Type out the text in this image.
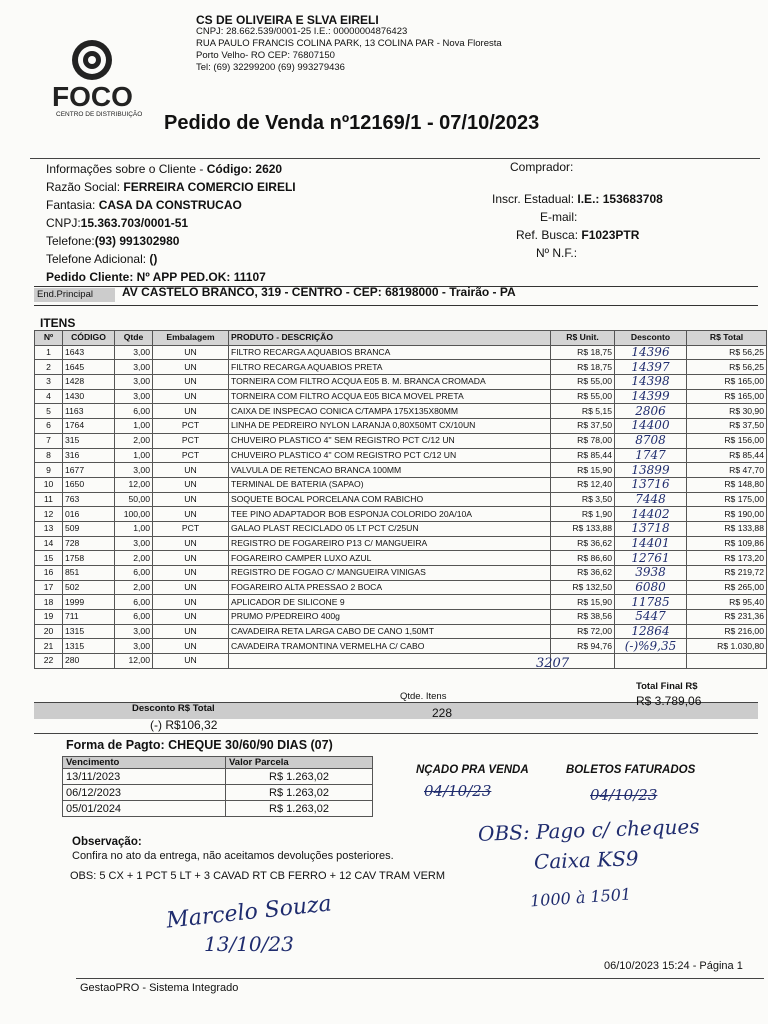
FOCO
CENTRO DE DISTRIBUIÇÃO
CS DE OLIVEIRA E SLVA EIRELI
CNPJ: 28.662.539/0001-25 I.E.: 00000004876423
RUA PAULO FRANCIS COLINA PARK, 13 COLINA PAR - Nova Floresta
Porto Velho- RO CEP: 76807150
Tel: (69) 32299200 (69) 993279436
Pedido de Venda nº12169/1 - 07/10/2023
Informações sobre o Cliente - Código: 2620
Razão Social: FERREIRA COMERCIO EIRELI
Fantasia: CASA DA CONSTRUCAO
CNPJ:15.363.703/0001-51
Telefone:(93) 991302980
Telefone Adicional: ()
Pedido Cliente: Nº APP PED.OK: 11107
Comprador:
Inscr. Estadual: I.E.: 153683708
E-mail:
Ref. Busca: F1023PTR
Nº N.F.:
End.Principal	AV CASTELO BRANCO, 319 - CENTRO - CEP: 68198000 - Trairão - PA
ITENS
Nº	CÓDIGO	Qtde	Embalagem	PRODUTO - DESCRIÇÃO	R$ Unit.	Desconto	R$ Total
1	1643	3,00	UN	FILTRO RECARGA AQUABIOS BRANCA	R$ 18,75	14396	R$ 56,25
2	1645	3,00	UN	FILTRO RECARGA AQUABIOS PRETA	R$ 18,75	14397	R$ 56,25
3	1428	3,00	UN	TORNEIRA COM FILTRO ACQUA E05 B. M. BRANCA CROMADA	R$ 55,00	14398	R$ 165,00
4	1430	3,00	UN	TORNEIRA COM FILTRO ACQUA E05 BICA MOVEL PRETA	R$ 55,00	14399	R$ 165,00
5	1163	6,00	UN	CAIXA DE INSPECAO CONICA C/TAMPA 175X135X80MM	R$ 5,15	2806	R$ 30,90
6	1764	1,00	PCT	LINHA DE PEDREIRO NYLON LARANJA 0,80X50MT CX/10UN	R$ 37,50	14400	R$ 37,50
7	315	2,00	PCT	CHUVEIRO PLASTICO 4'' SEM REGISTRO PCT C/12 UN	R$ 78,00	8708	R$ 156,00
8	316	1,00	PCT	CHUVEIRO PLASTICO 4'' COM REGISTRO PCT C/12 UN	R$ 85,44	1747	R$ 85,44
9	1677	3,00	UN	VALVULA DE RETENCAO BRANCA 100MM	R$ 15,90	13899	R$ 47,70
10	1650	12,00	UN	TERMINAL DE BATERIA (SAPAO)	R$ 12,40	13716	R$ 148,80
11	763	50,00	UN	SOQUETE BOCAL PORCELANA COM RABICHO	R$ 3,50	7448	R$ 175,00
12	016	100,00	UN	TEE PINO ADAPTADOR BOB ESPONJA COLORIDO 20A/10A	R$ 1,90	14402	R$ 190,00
13	509	1,00	PCT	GALAO PLAST RECICLADO 05 LT PCT C/25UN	R$ 133,88	13718	R$ 133,88
14	728	3,00	UN	REGISTRO DE FOGAREIRO P13 C/ MANGUEIRA	R$ 36,62	14401	R$ 109,86
15	1758	2,00	UN	FOGAREIRO CAMPER LUXO AZUL	R$ 86,60	12761	R$ 173,20
16	851	6,00	UN	REGISTRO DE FOGAO C/ MANGUEIRA VINIGAS	R$ 36,62	3938	R$ 219,72
17	502	2,00	UN	FOGAREIRO ALTA PRESSAO 2 BOCA	R$ 132,50	6080	R$ 265,00
18	1999	6,00	UN	APLICADOR DE SILICONE 9	R$ 15,90	11785	R$ 95,40
19	711	6,00	UN	PRUMO P/PEDREIRO 400g	R$ 38,56	5447	R$ 231,36
20	1315	3,00	UN	CAVADEIRA RETA LARGA CABO DE CANO 1,50MT	R$ 72,00	12864	R$ 216,00
21	1315	3,00	UN	CAVADEIRA TRAMONTINA VERMELHA C/ CABO	R$ 94,76	(-)%9,35	R$ 1.030,80
22	280	12,00	UN					3207
Desconto R$ Total
Qtde. Itens
Total Final R$
R$ 3.789,06
(-) R$106,32
228
Forma de Pagto: CHEQUE 30/60/90 DIAS (07)
Vencimento	Valor Parcela
13/11/2023	R$ 1.263,02
06/12/2023	R$ 1.263,02
05/01/2024	R$ 1.263,02
NÇADO PRA VENDA
04/10/23
BOLETOS FATURADOS
04/10/23
Observação:
Confira no ato da entrega, não aceitamos devoluções posteriores.
OBS: 5 CX + 1 PCT 5 LT + 3 CAVAD RT CB FERRO + 12 CAV TRAM VERM
OBS: Pago c/ cheques
Caixa KS9
1000 à 1501
Marcelo Souza
13/10/23
06/10/2023 15:24 - Página 1
GestaoPRO - Sistema Integrado
